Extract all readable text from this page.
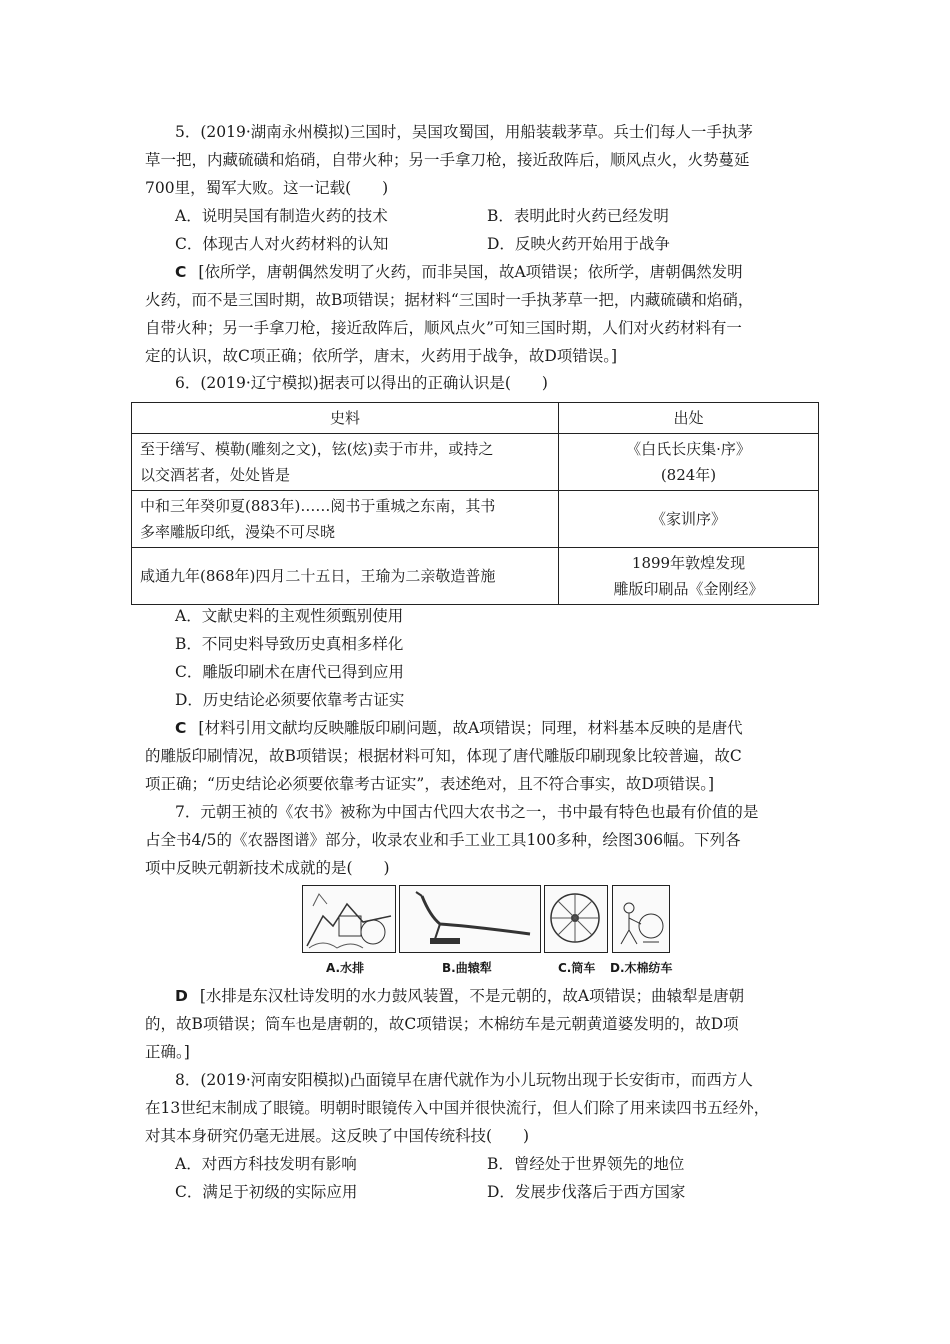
5．(2019·湖南永州模拟)三国时，吴国攻蜀国，用船装载茅草。兵士们每人一手执茅
草一把，内藏硫磺和焰硝，自带火种；另一手拿刀枪，接近敌阵后，顺风点火，火势蔓延
700里，蜀军大败。这一记载(　　)
A．说明吴国有制造火药的技术	B．表明此时火药已经发明
C．体现古人对火药材料的认知	D．反映火药开始用于战争
C [依所学，唐朝偶然发明了火药，而非吴国，故A项错误；依所学，唐朝偶然发明
火药，而不是三国时期，故B项错误；据材料“三国时一手执茅草一把，内藏硫磺和焰硝，
自带火种；另一手拿刀枪，接近敌阵后，顺风点火”可知三国时期，人们对火药材料有一
定的认识，故C项正确；依所学，唐末，火药用于战争，故D项错误。]
6．(2019·辽宁模拟)据表可以得出的正确认识是(　　)
史料	出处
至于缮写、模勒(雕刻之文)，铉(炫)卖于市井，或持之
以交酒茗者，处处皆是	《白氏长庆集·序》
(824年)
中和三年癸卯夏(883年)……阅书于重城之东南，其书
多率雕版印纸，漫染不可尽晓	《家训序》
咸通九年(868年)四月二十五日，王瑜为二亲敬造普施	1899年敦煌发现
雕版印刷品《金刚经》
A．文献史料的主观性须甄别使用
B．不同史料导致历史真相多样化
C．雕版印刷术在唐代已得到应用
D．历史结论必须要依靠考古证实
C [材料引用文献均反映雕版印刷问题，故A项错误；同理，材料基本反映的是唐代
的雕版印刷情况，故B项错误；根据材料可知，体现了唐代雕版印刷现象比较普遍，故C
项正确；“历史结论必须要依靠考古证实”，表述绝对，且不符合事实，故D项错误。]
7．元朝王祯的《农书》被称为中国古代四大农书之一，书中最有特色也最有价值的是
占全书4/5的《农器图谱》部分，收录农业和手工业工具100多种，绘图306幅。下列各
项中反映元朝新技术成就的是(　　)
A.水排	B.曲辕犁	C.筒车 D.木棉纺车
D [水排是东汉杜诗发明的水力鼓风装置，不是元朝的，故A项错误；曲辕犁是唐朝
的，故B项错误；筒车也是唐朝的，故C项错误；木棉纺车是元朝黄道婆发明的，故D项
正确。]
8．(2019·河南安阳模拟)凸面镜早在唐代就作为小儿玩物出现于长安街市，而西方人
在13世纪末制成了眼镜。明朝时眼镜传入中国并很快流行，但人们除了用来读四书五经外，
对其本身研究仍毫无进展。这反映了中国传统科技(　　)
A．对西方科技发明有影响	B．曾经处于世界领先的地位
C．满足于初级的实际应用	D．发展步伐落后于西方国家
